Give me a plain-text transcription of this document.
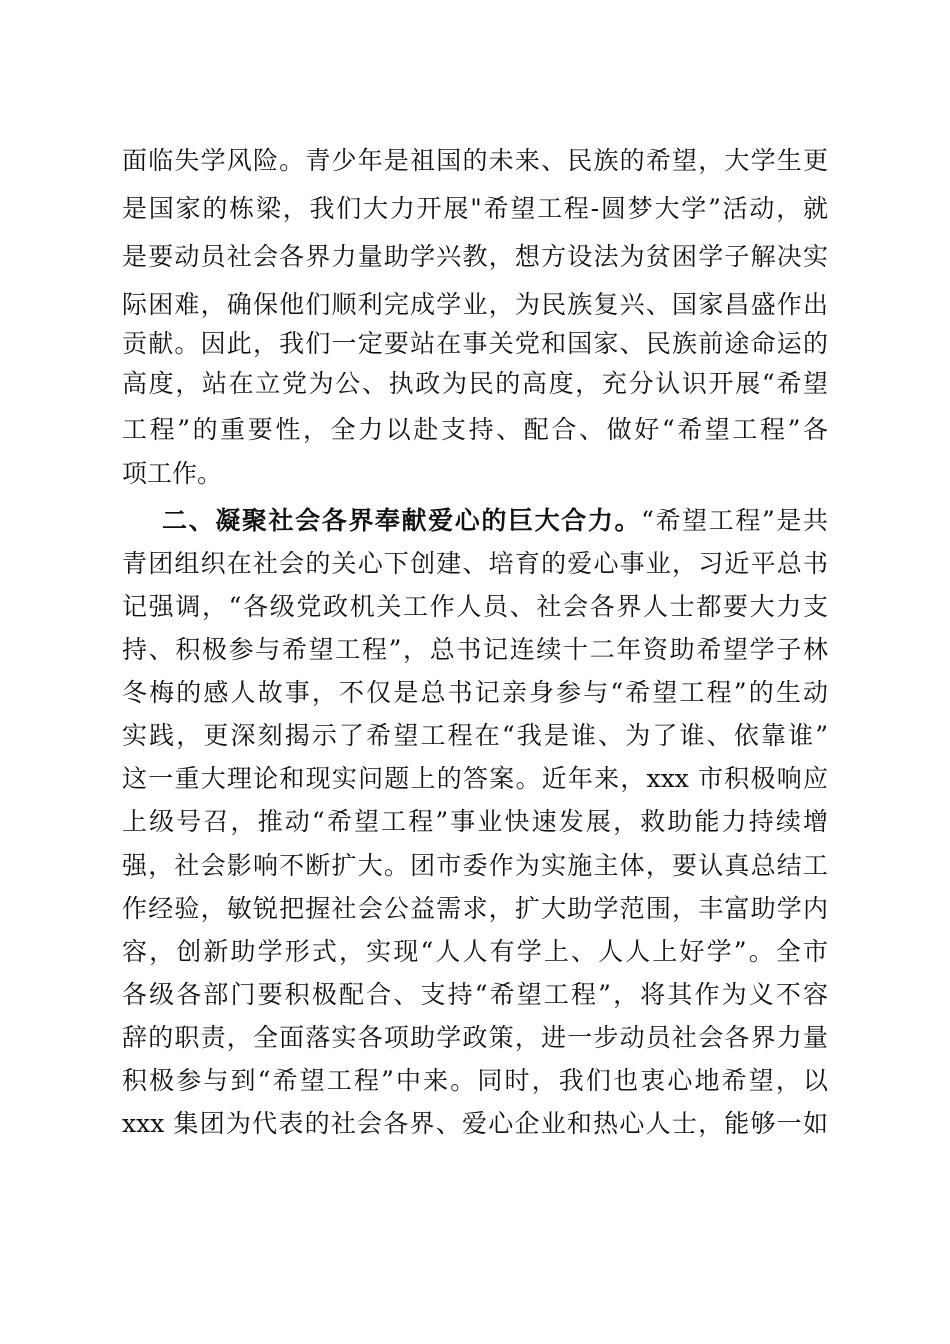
面临失学风险。青少年是祖国的未来、民族的希望，大学生更
是国家的栋梁，我们大力开展"希望工程-圆梦大学”活动，就
是要动员社会各界力量助学兴教，想方设法为贫困学子解决实
际困难，确保他们顺利完成学业，为民族复兴、国家昌盛作出
贡献。因此，我们一定要站在事关党和国家、民族前途命运的
高度，站在立党为公、执政为民的高度，充分认识开展“希望
工程”的重要性，全力以赴支持、配合、做好“希望工程”各
项工作。
二、凝聚社会各界奉献爱心的巨大合力。“希望工程”是共
青团组织在社会的关心下创建、培育的爱心事业，习近平总书
记强调，“各级党政机关工作人员、社会各界人士都要大力支
持、积极参与希望工程”，总书记连续十二年资助希望学子林
冬梅的感人故事，不仅是总书记亲身参与“希望工程”的生动
实践，更深刻揭示了希望工程在“我是谁、为了谁、依靠谁”
这一重大理论和现实问题上的答案。近年来，xxx 市积极响应
上级号召，推动“希望工程”事业快速发展，救助能力持续增
强，社会影响不断扩大。团市委作为实施主体，要认真总结工
作经验，敏锐把握社会公益需求，扩大助学范围，丰富助学内
容，创新助学形式，实现“人人有学上、人人上好学”。全市
各级各部门要积极配合、支持“希望工程”，将其作为义不容
辞的职责，全面落实各项助学政策，进一步动员社会各界力量
积极参与到“希望工程”中来。同时，我们也衷心地希望，以
xxx 集团为代表的社会各界、爱心企业和热心人士，能够一如
